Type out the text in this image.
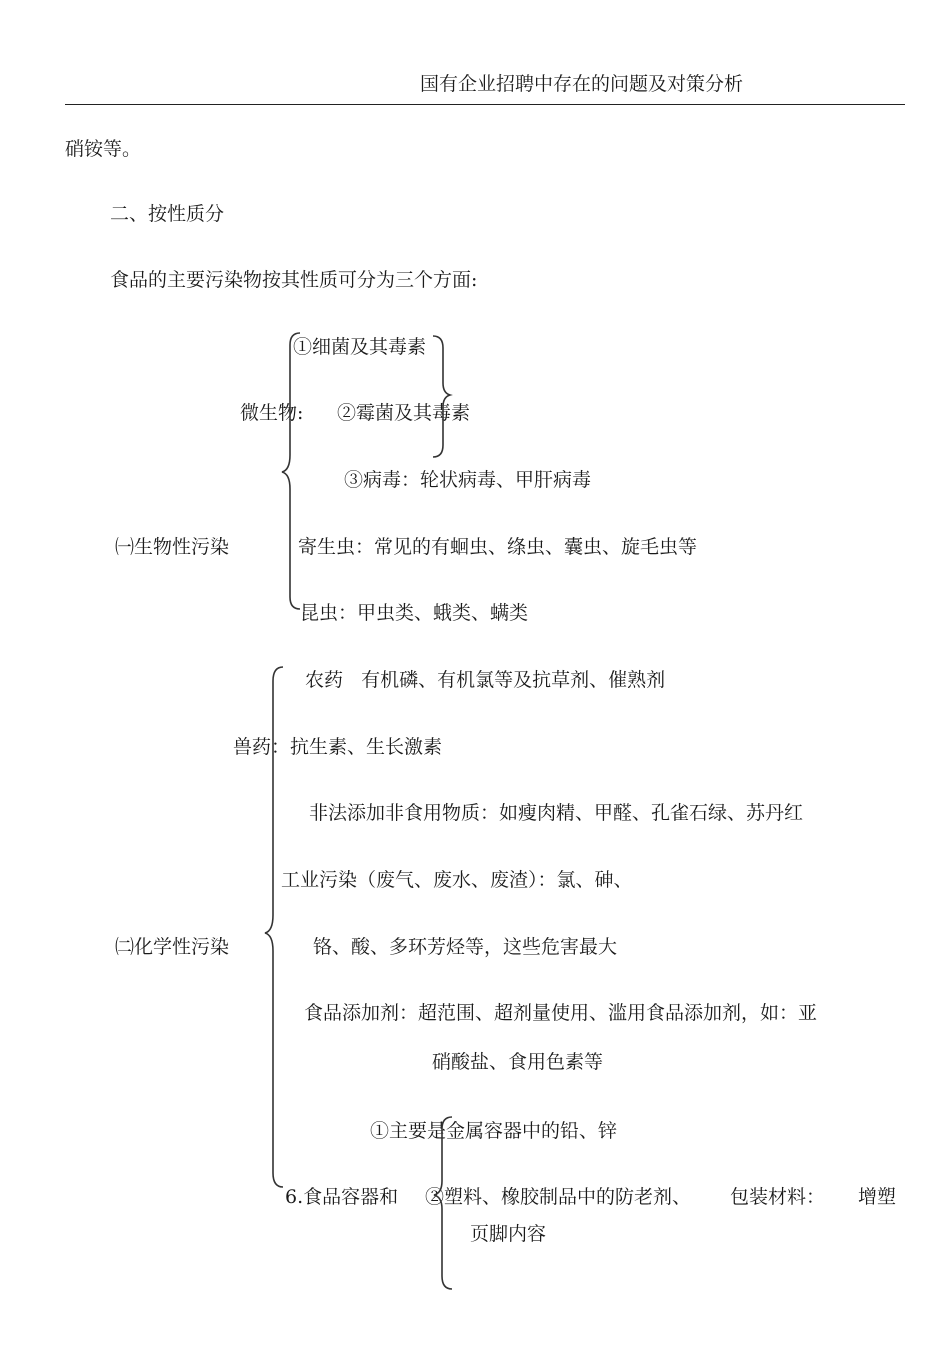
国有企业招聘中存在的问题及对策分析
硝铵等。
二、按性质分
食品的主要污染物按其性质可分为三个方面:
①细菌及其毒素
微生物: ②霉菌及其毒素
③病毒：轮状病毒、甲肝病毒
㈠生物性污染	寄生虫：常见的有蛔虫、绦虫、囊虫、旋毛虫等
昆虫：甲虫类、蛾类、螨类
农药   有机磷、有机氯等及抗草剂、催熟剂
兽药：抗生素、生长激素
非法添加非食用物质：如瘦肉精、甲醛、孔雀石绿、苏丹红
工业污染（废气、废水、废渣）：氯、砷、
㈡化学性污染	铬、酸、多环芳烃等，这些危害最大
食品添加剂：超范围、超剂量使用、滥用食品添加剂，如：亚
硝酸盐、食用色素等
①主要是金属容器中的铅、锌
6.食品容器和 ②塑料、橡胶制品中的防老剂、 包装材料： 增塑
页脚内容
